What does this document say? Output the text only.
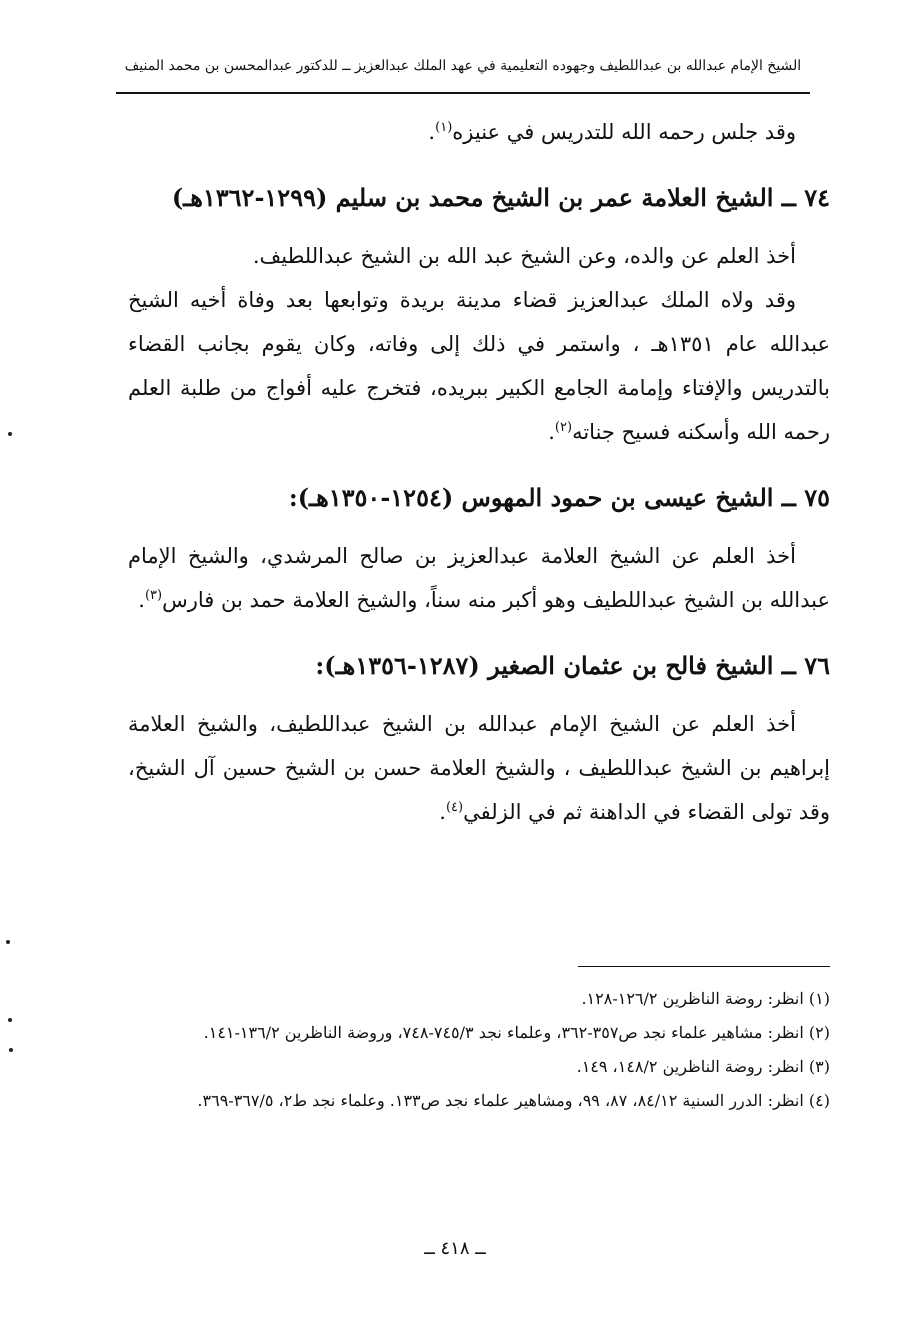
الشيخ الإمام عبدالله بن عبداللطيف وجهوده التعليمية في عهد الملك عبدالعزيز ــ للدكتور عبدالمحسن بن محمد المنيف

وقد جلس رحمه الله للتدريس في عنيزه$^{(١)}$.

٧٤ ــ الشيخ العلامة عمر بن الشيخ محمد بن سليم (١٢٩٩-١٣٦٢هـ)

أخذ العلم عن والده، وعن الشيخ عبد الله بن الشيخ عبداللطيف.

وقد ولاه الملك عبدالعزيز قضاء مدينة بريدة وتوابعها بعد وفاة أخيه الشيخ عبدالله عام ١٣٥١هـ ، واستمر في ذلك إلى وفاته، وكان يقوم بجانب القضاء بالتدريس والإفتاء وإمامة الجامع الكبير ببريده، فتخرج عليه أفواج من طلبة العلم رحمه الله وأسكنه فسيح جناته$^{(٢)}$.

٧٥ ــ الشيخ عيسى بن حمود المهوس (١٢٥٤-١٣٥٠هـ):

أخذ العلم عن الشيخ العلامة عبدالعزيز بن صالح المرشدي، والشيخ الإمام عبدالله بن الشيخ عبداللطيف وهو أكبر منه سناً، والشيخ العلامة حمد بن فارس$^{(٣)}$.

٧٦ ــ الشيخ فالح بن عثمان الصغير (١٢٨٧-١٣٥٦هـ):

أخذ العلم عن الشيخ الإمام عبدالله بن الشيخ عبداللطيف، والشيخ العلامة إبراهيم بن الشيخ عبداللطيف ، والشيخ العلامة حسن بن الشيخ حسين آل الشيخ، وقد تولى القضاء في الداهنة ثم في الزلفي$^{(٤)}$.

(١) انظر: روضة الناظرين ١٢٦/٢-١٢٨.

(٢) انظر: مشاهير علماء نجد ص٣٥٧-٣٦٢، وعلماء نجد ٧٤٥/٣-٧٤٨، وروضة الناظرين ١٣٦/٢-١٤١.

(٣) انظر: روضة الناظرين ١٤٨/٢، ١٤٩.

(٤) انظر: الدرر السنية ٨٤/١٢، ٨٧، ٩٩، ومشاهير علماء نجد ص١٣٣. وعلماء نجد ط٢، ٣٦٧/٥-٣٦٩.

ــ ٤١٨ ــ
